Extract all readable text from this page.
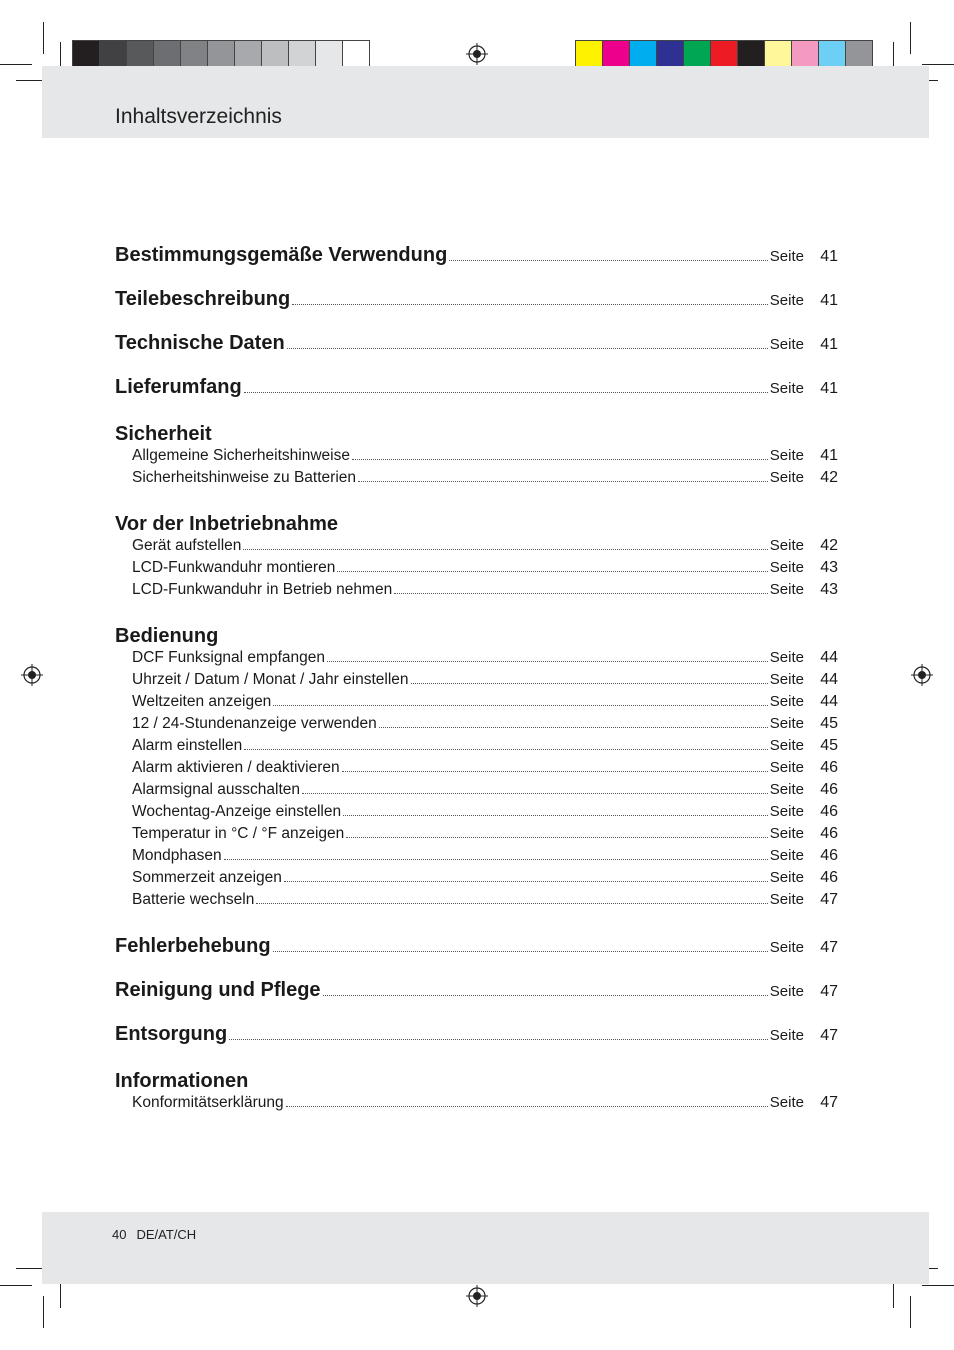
Inhaltsverzeichnis
Bestimmungsgemäße Verwendung	Seite	41
Teilebeschreibung	Seite	41
Technische Daten	Seite	41
Lieferumfang	Seite	41
Sicherheit
Allgemeine Sicherheitshinweise	Seite	41
Sicherheitshinweise zu Batterien	Seite	42
Vor der Inbetriebnahme
Gerät aufstellen	Seite	42
LCD-Funkwanduhr montieren	Seite	43
LCD-Funkwanduhr in Betrieb nehmen	Seite	43
Bedienung
DCF Funksignal empfangen	Seite	44
Uhrzeit / Datum / Monat / Jahr einstellen	Seite	44
Weltzeiten anzeigen	Seite	44
12 / 24-Stundenanzeige verwenden	Seite	45
Alarm einstellen	Seite	45
Alarm aktivieren / deaktivieren	Seite	46
Alarmsignal ausschalten	Seite	46
Wochentag-Anzeige einstellen	Seite	46
Temperatur in °C / °F anzeigen	Seite	46
Mondphasen	Seite	46
Sommerzeit anzeigen	Seite	46
Batterie wechseln	Seite	47
Fehlerbehebung	Seite	47
Reinigung und Pflege	Seite	47
Entsorgung	Seite	47
Informationen
Konformitätserklärung	Seite	47
40 DE/AT/CH
